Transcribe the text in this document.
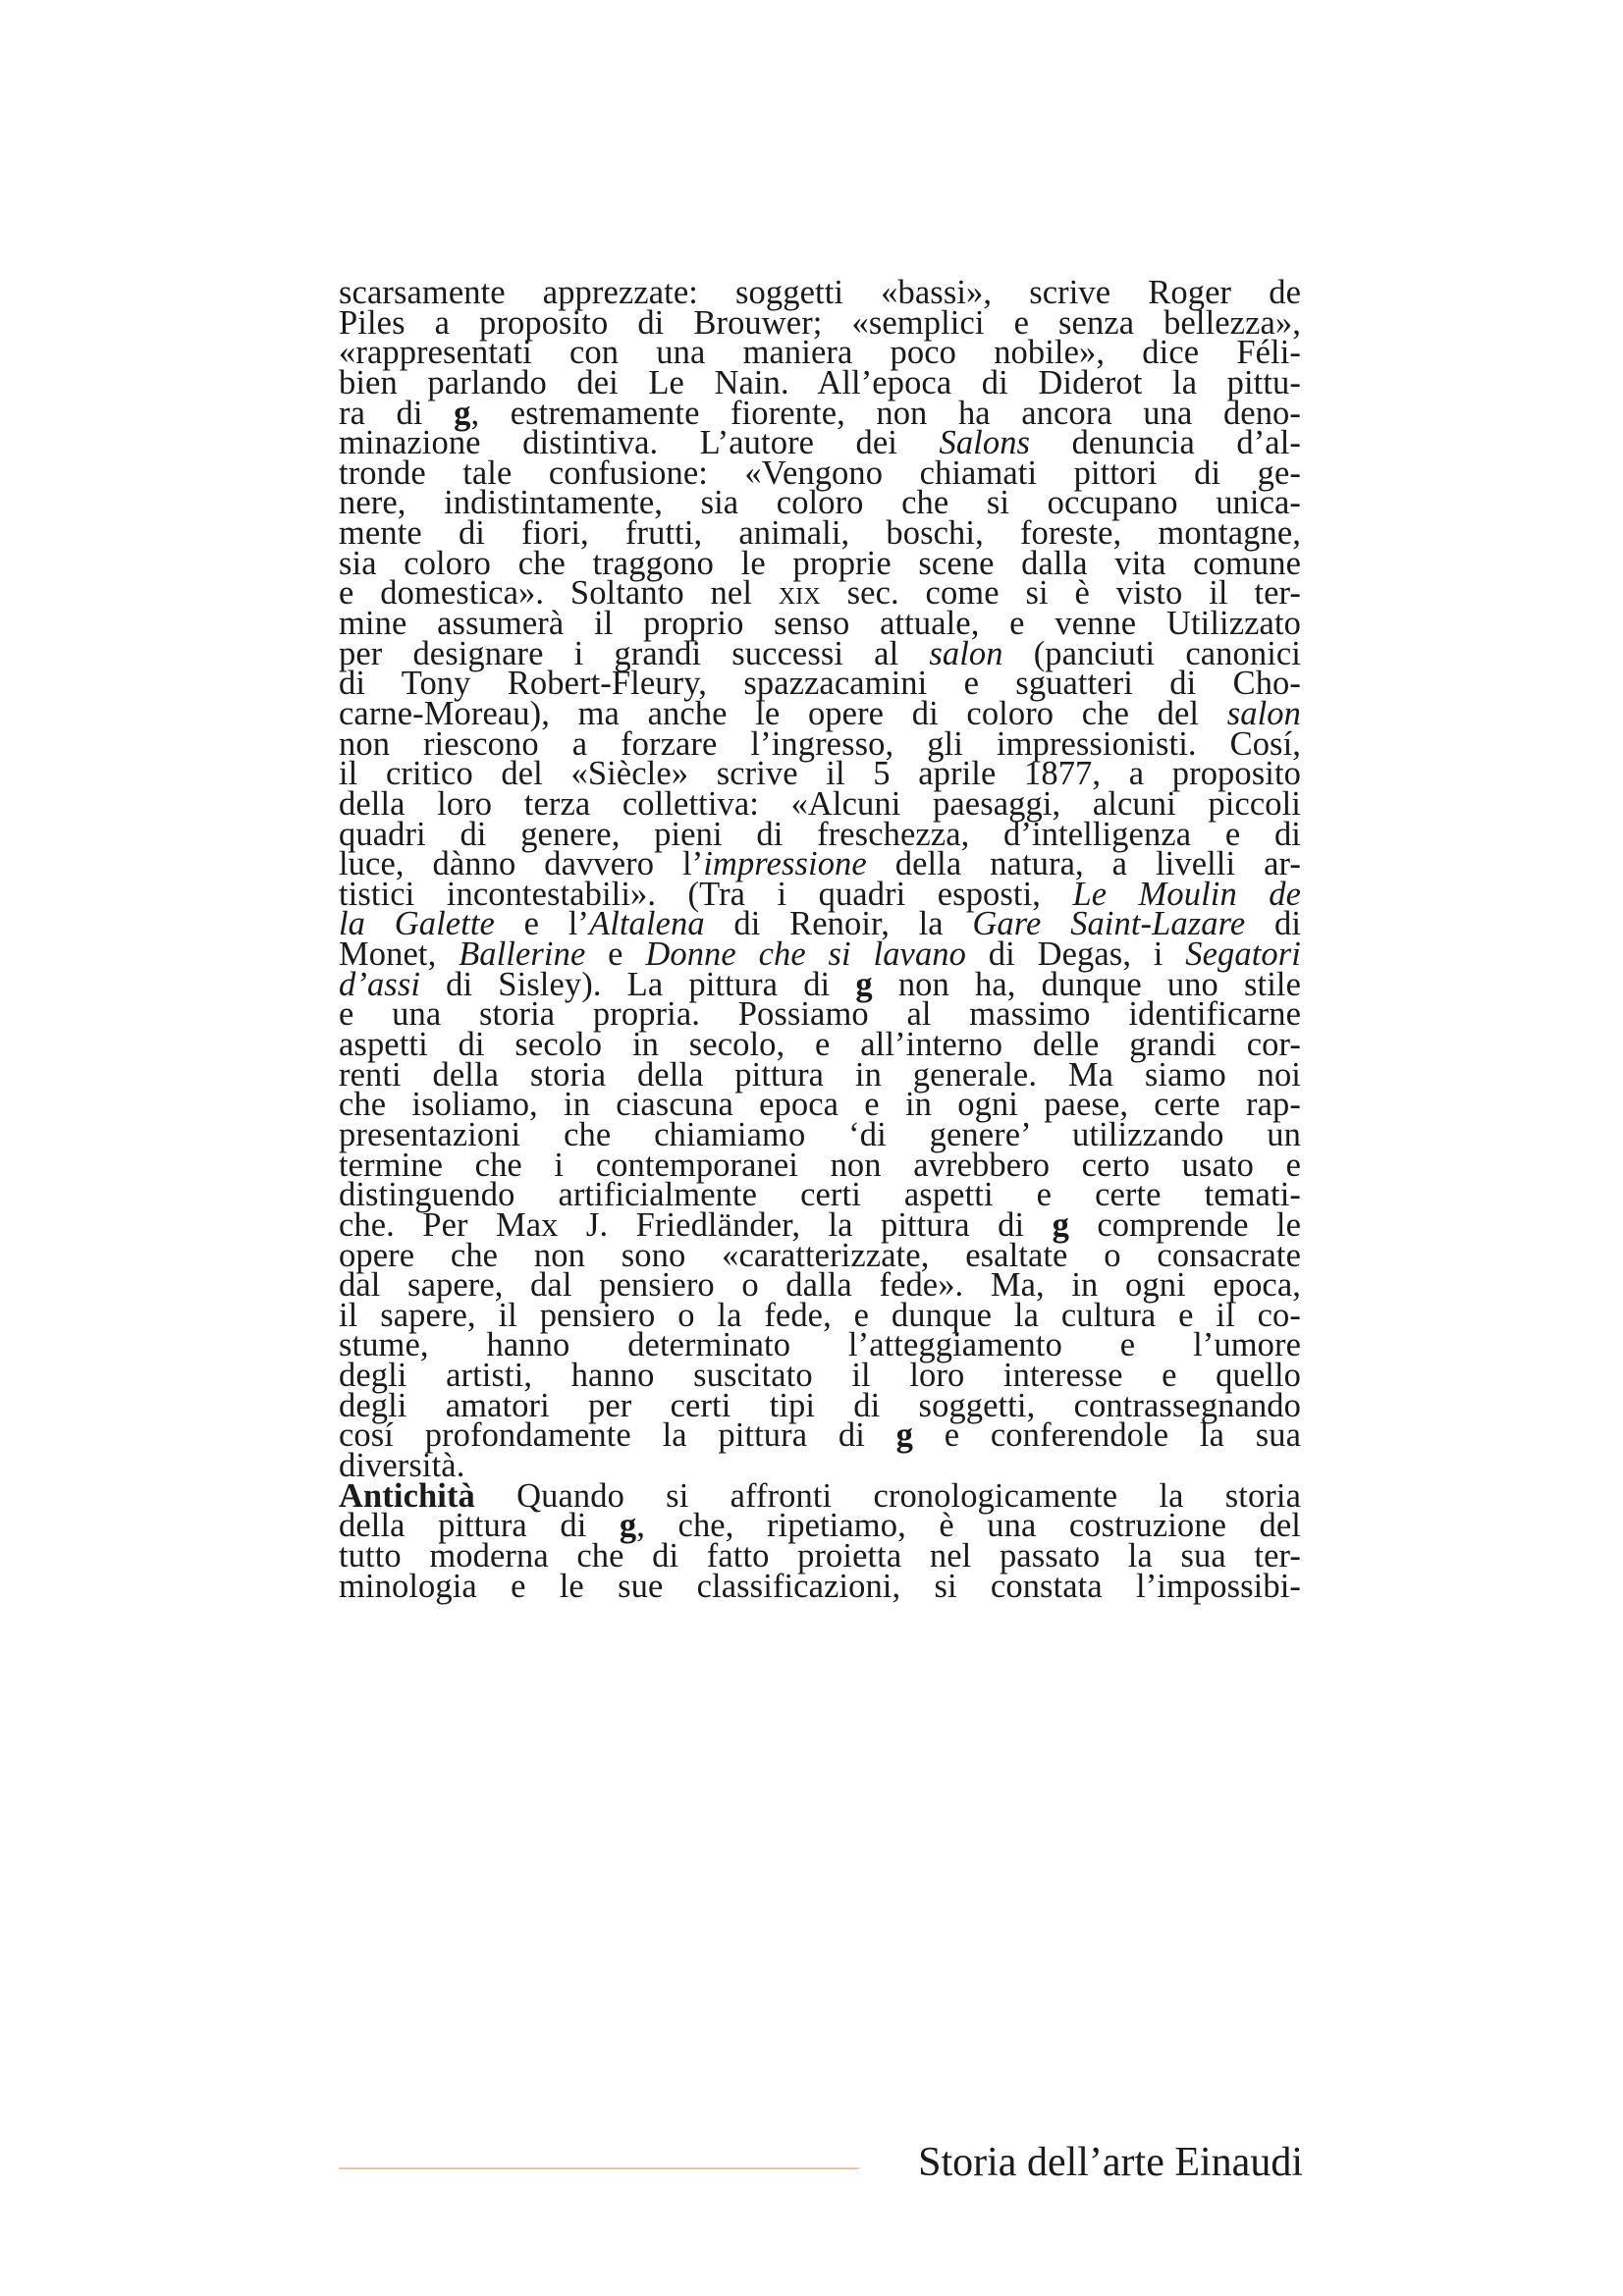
scarsamente apprezzate: soggetti «bassi», scrive Roger de
Piles a proposito di Brouwer; «semplici e senza bellezza»,
«rappresentati con una maniera poco nobile», dice Féli-
bien parlando dei Le Nain. All’epoca di Diderot la pittu-
ra di g, estremamente fiorente, non ha ancora una deno-
minazione distintiva. L’autore dei Salons denuncia d’al-
tronde tale confusione: «Vengono chiamati pittori di ge-
nere, indistintamente, sia coloro che si occupano unica-
mente di fiori, frutti, animali, boschi, foreste, montagne,
sia coloro che traggono le proprie scene dalla vita comune
e domestica». Soltanto nel xix sec. come si è visto il ter-
mine assumerà il proprio senso attuale, e venne Utilizzato
per designare i grandi successi al salon (panciuti canonici
di Tony Robert-Fleury, spazzacamini e sguatteri di Cho-
carne-Moreau), ma anche le opere di coloro che del salon
non riescono a forzare l’ingresso, gli impressionisti. Cosí,
il critico del «Siècle» scrive il 5 aprile 1877, a proposito
della loro terza collettiva: «Alcuni paesaggi, alcuni piccoli
quadri di genere, pieni di freschezza, d’intelligenza e di
luce, dànno davvero l’impressione della natura, a livelli ar-
tistici incontestabili». (Tra i quadri esposti, Le Moulin de
la Galette e l’Altalena di Renoir, la Gare Saint-Lazare di
Monet, Ballerine e Donne che si lavano di Degas, i Segatori
d’assi di Sisley). La pittura di g non ha, dunque uno stile
e una storia propria. Possiamo al massimo identificarne
aspetti di secolo in secolo, e all’interno delle grandi cor-
renti della storia della pittura in generale. Ma siamo noi
che isoliamo, in ciascuna epoca e in ogni paese, certe rap-
presentazioni che chiamiamo ‘di genere’ utilizzando un
termine che i contemporanei non avrebbero certo usato e
distinguendo artificialmente certi aspetti e certe temati-
che. Per Max J. Friedländer, la pittura di g comprende le
opere che non sono «caratterizzate, esaltate o consacrate
dal sapere, dal pensiero o dalla fede». Ma, in ogni epoca,
il sapere, il pensiero o la fede, e dunque la cultura e il co-
stume, hanno determinato l’atteggiamento e l’umore
degli artisti, hanno suscitato il loro interesse e quello
degli amatori per certi tipi di soggetti, contrassegnando
cosí profondamente la pittura di g e conferendole la sua
diversità.
Antichità Quando si affronti cronologicamente la storia
della pittura di g, che, ripetiamo, è una costruzione del
tutto moderna che di fatto proietta nel passato la sua ter-
minologia e le sue classificazioni, si constata l’impossibi-
Storia dell’arte Einaudi
